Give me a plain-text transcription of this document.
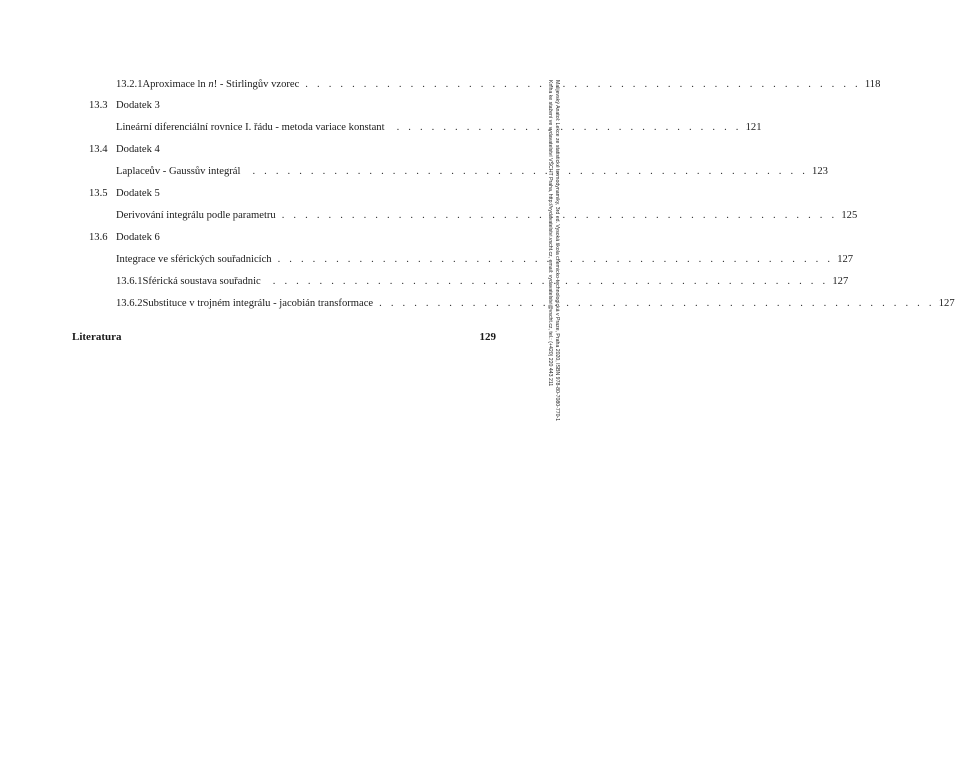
13.2.1 Aproximace ln n! - Stirlingův vzorec . . . . . . . . . . . . . . . . . . . . . . . . . . . . . . . . . . . . . . . . . . . . . . . . 118
13.3 Dodatek 3
Lineární diferenciální rovnice I. řádu - metoda variace konstant . . . . . . . . . . . . . . . . . . . . . . . . . . . . . . 121
13.4 Dodatek 4
Laplaceův - Gaussův integrál . . . . . . . . . . . . . . . . . . . . . . . . . . . . . . . . . . . . . . . . . . . . . . . . 123
13.5 Dodatek 5
Derivování integrálu podle parametru . . . . . . . . . . . . . . . . . . . . . . . . . . . . . . . . . . . . . . . . . . . . . . . . 125
13.6 Dodatek 6
Integrace ve sférických souřadnicích . . . . . . . . . . . . . . . . . . . . . . . . . . . . . . . . . . . . . . . . . . . . . . . . 127
13.6.1 Sférická soustava souřadnic . . . . . . . . . . . . . . . . . . . . . . . . . . . . . . . . . . . . . . . . . . . . . . . . 127
13.6.2 Substituce v trojném integrálu - jacobián transformace . . . . . . . . . . . . . . . . . . . . . . . . . . . . . . . . . . . . . . . . . . . . . . . . 127
Literatura	129	Malijevský Anatol: Lekce ze statistické termodynamiky, 3rd ed. Vysoká škola chemicko-technologická v Praze, Praha 2020, ISBN 978-80-7080-770-1
Kniha ke stažení ve vydavatelství VŠCHT Praha, http://vydavatelstvi.vscht.cz, email: vydavatelstvi@vscht.cz, tel.: (+420) 220 443 211
